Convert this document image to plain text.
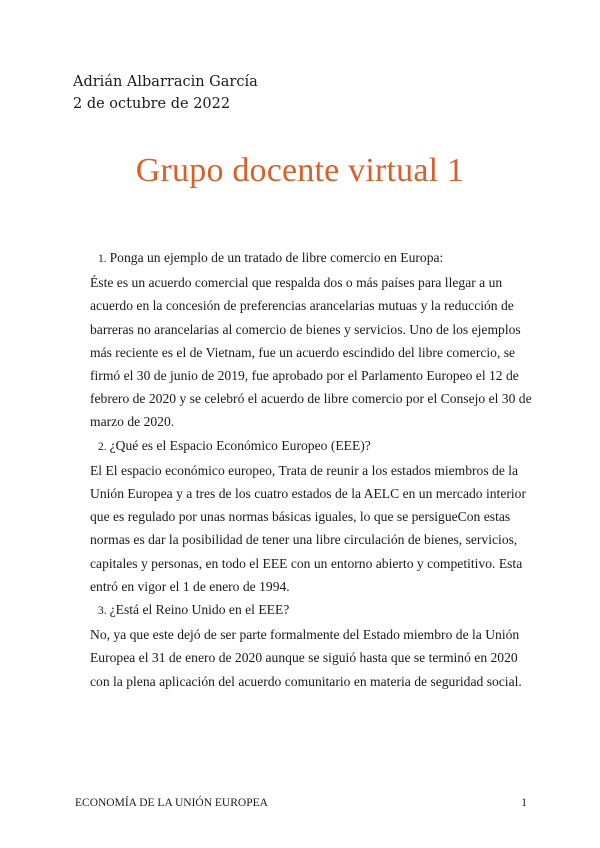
Adrián Albarracin García
2 de octubre de 2022
Grupo docente virtual 1

1. Ponga un ejemplo de un tratado de libre comercio en Europa:

Éste es un acuerdo comercial que respalda dos o más países para llegar a un acuerdo en la concesión de preferencias arancelarias mutuas y la reducción de barreras no arancelarias al comercio de bienes y servicios. Uno de los ejemplos más reciente es el de Vietnam, fue un acuerdo escindido del libre comercio, se firmó el 30 de junio de 2019, fue aprobado por el Parlamento Europeo el 12 de febrero de 2020 y se celebró el acuerdo de libre comercio por el Consejo el 30 de marzo de 2020.

2. ¿Qué es el Espacio Económico Europeo (EEE)?

El El espacio económico europeo, Trata de reunir a los estados miembros de la Unión Europea y a tres de los cuatro estados de la AELC en un mercado interior que es regulado por unas normas básicas iguales, lo que se persigueCon estas normas es dar la posibilidad de tener una libre circulación de bienes, servicios, capitales y personas, en todo el EEE con un entorno abierto y competitivo. Esta entró en vigor el 1 de enero de 1994.

3. ¿Está el Reino Unido en el EEE?

No, ya que este dejó de ser parte formalmente del Estado miembro de la Unión Europea el 31 de enero de 2020 aunque se siguió hasta que se terminó en 2020 con la plena aplicación del acuerdo comunitario en materia de seguridad social.

ECONOMÍA DE LA UNIÓN EUROPEA	1
